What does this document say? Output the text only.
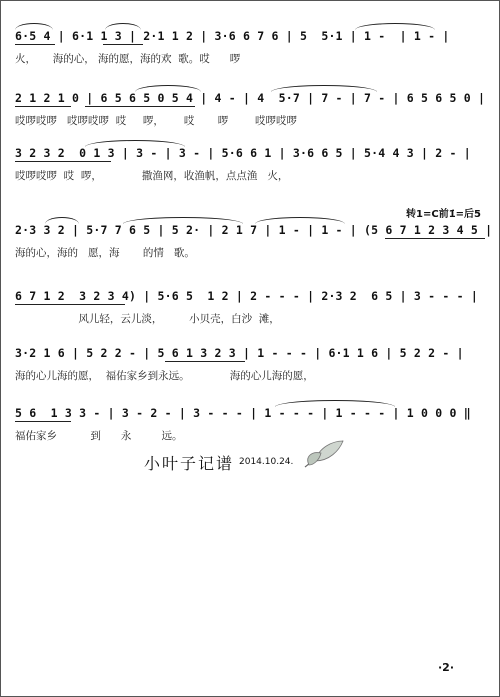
6·5 4 | 6·1 1 3 | 2·1 1 2 | 3·6 6 7 6 | 5  5·1 | 1 -  | 1 - |
火，     海的心， 海的愿，海的欢  歌。哎      啰
2 1 2 1 0 | 6 5 6 5 0 5 4 | 4 - | 4  5·7 | 7 - | 7 - | 6 5 6 5 0 |
哎啰哎啰   哎啰哎啰  哎     啰，      哎       啰        哎啰哎啰
3 2 3 2  0 1 3 | 3 - | 3 - | 5·6 6 1 | 3·6 6 5 | 5·4 4 3 | 2 - |
哎啰哎啰  哎  啰，            撒渔网，收渔帆，点点渔   火，
转1=C前1̇=后5
2·3 3 2 | 5·7 7 6 5 | 5 2· | 2 1 7 | 1 - | 1 - | (5 6 7 1 2 3 4 5 |
海的心，海的   愿，海       的情   歌。
6 7 1 2  3 2 3 4) | 5·6 5  1 2 | 2 - - - | 2·3 2  6 5 | 3 - - - |
风儿轻，云儿淡，        小贝壳，白沙  滩，
3·2 1 6 | 5 2 2 - | 5 6 1 3 2 3 | 1 - - - | 6·1 1 6 | 5 2 2 - |
海的心儿海的愿，  福佑家乡到永远。            海的心儿海的愿，
5 6  1 3 3 - | 3 - 2 - | 3 - - - | 1 - - - | 1 - - - | 1 0 0 0 ‖
福佑家乡          到      永         远。
小叶子记谱 2014.10.24.
·2·
